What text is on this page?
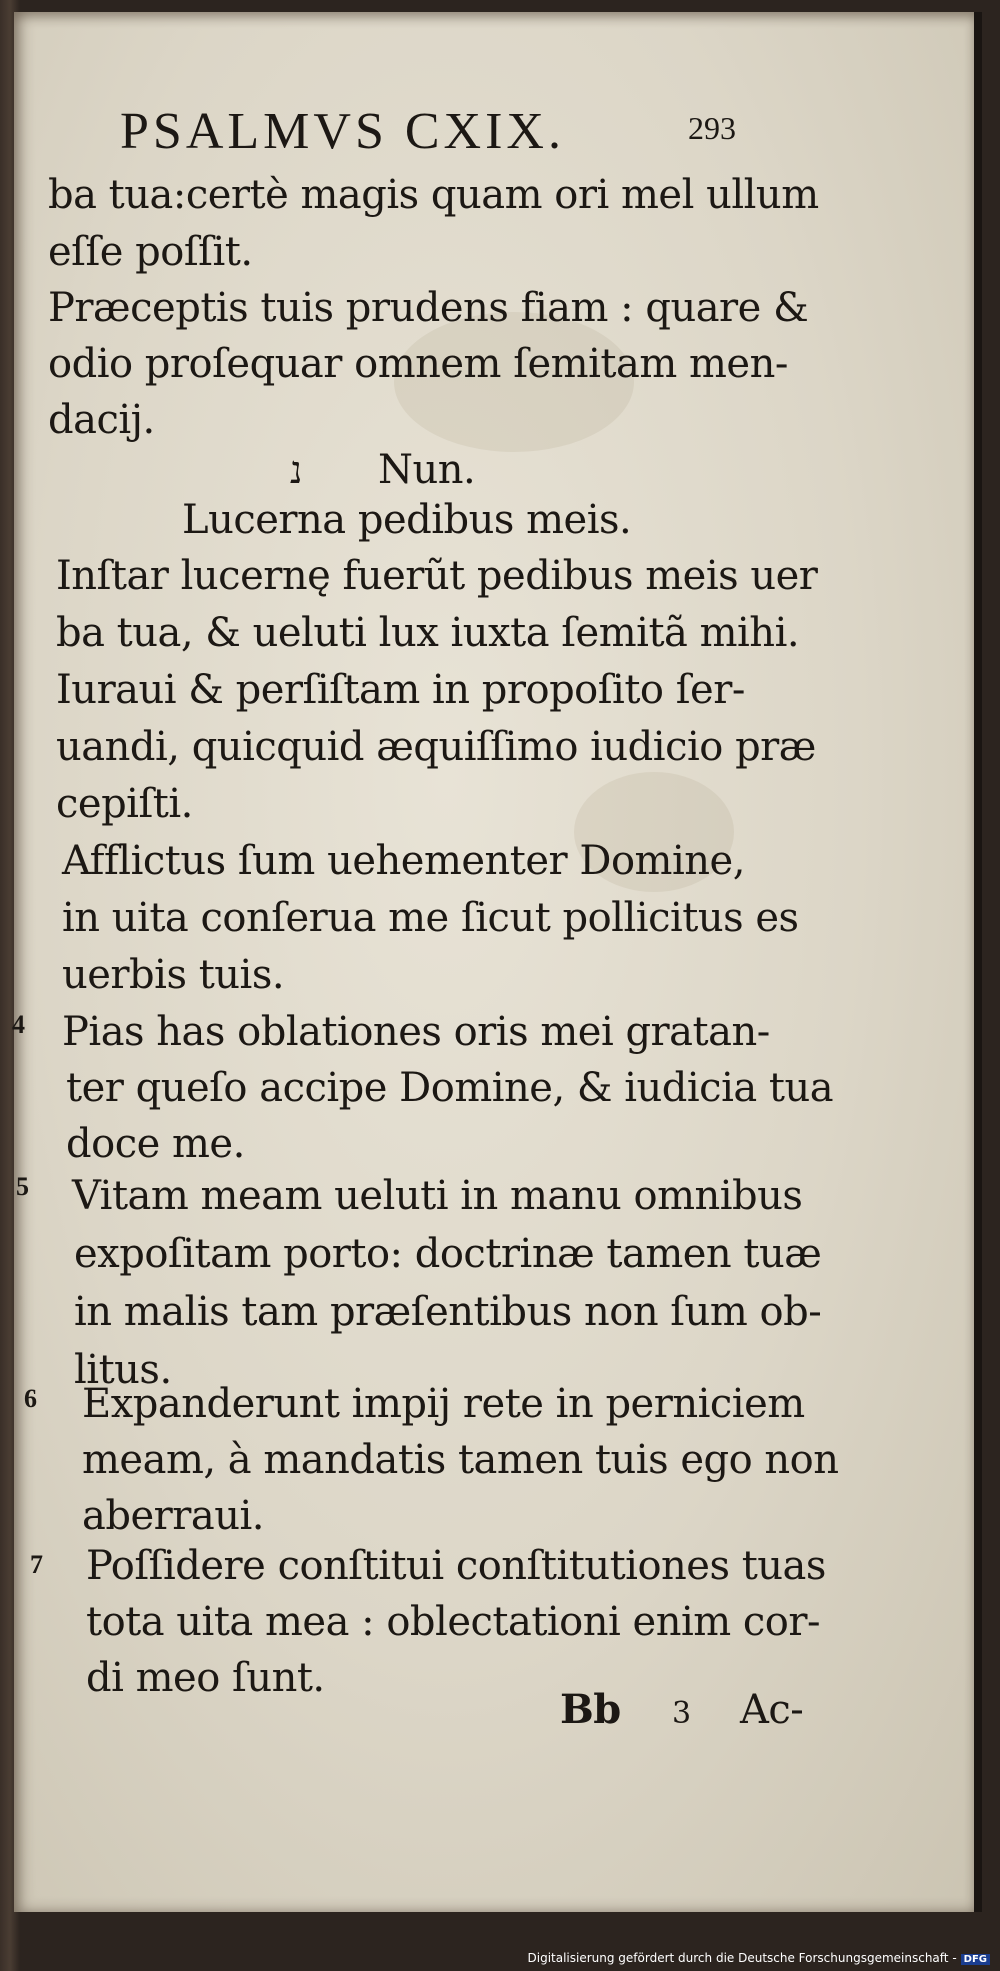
PSALMVS CXIX.	293
ba tua:certè magis quam ori mel ullum
eſſe poſſit.
Præceptis tuis prudens fiam : quare &
odio proſequar omnem ſemitam men-
dacij.
נ Nun.
Lucerna pedibus meis.
Inſtar lucernę fuerũt pedibus meis uer
ba tua, & ueluti lux iuxta ſemitã mihi.
Iuraui & perſiſtam in propoſito ſer-
uandi, quicquid æquiſſimo iudicio præ
cepiſti.
Afflictus ſum uehementer Domine,
in uita conſerua me ſicut pollicitus es
uerbis tuis.
4 Pias has oblationes oris mei gratan-
ter queſo accipe Domine, & iudicia tua
doce me.
5 Vitam meam ueluti in manu omnibus
expoſitam porto: doctrinæ tamen tuæ
in malis tam præſentibus non ſum ob-
litus.
6 Expanderunt impij rete in perniciem
meam, à mandatis tamen tuis ego non
aberraui.
7 Poſſidere conſtitui conſtitutiones tuas
tota uita mea : oblectationi enim cor-
di meo ſunt.
Bb 3 Ac-
Digitalisierung gefördert durch die Deutsche Forschungsgemeinschaft - DFG
